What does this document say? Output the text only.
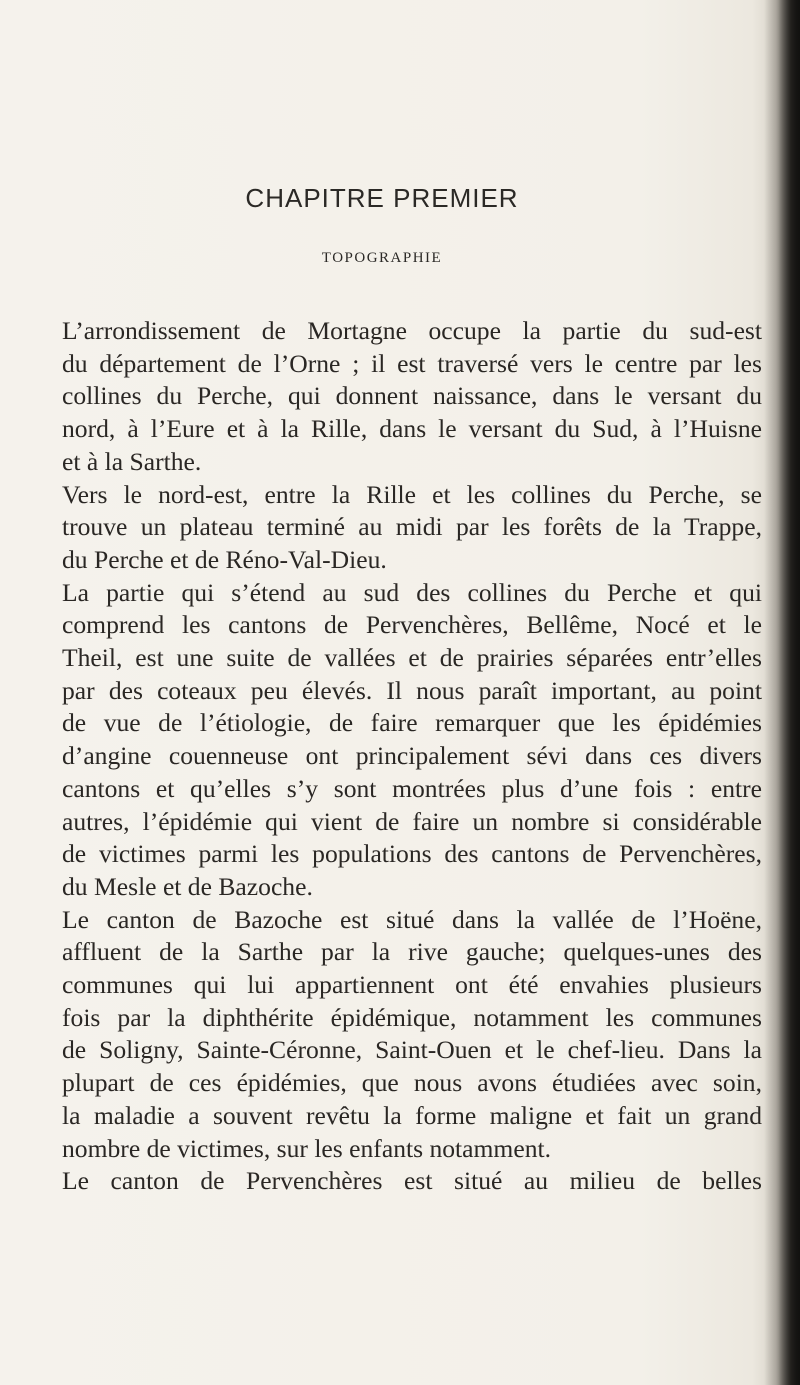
CHAPITRE PREMIER
TOPOGRAPHIE
L’arrondissement de Mortagne occupe la partie du sud-est
du département de l’Orne ; il est traversé vers le centre par les
collines du Perche, qui donnent naissance, dans le versant du
nord, à l’Eure et à la Rille, dans le versant du Sud, à l’Huisne
et à la Sarthe.
Vers le nord-est, entre la Rille et les collines du Perche, se
trouve un plateau terminé au midi par les forêts de la Trappe,
du Perche et de Réno-Val-Dieu.
La partie qui s’étend au sud des collines du Perche et qui
comprend les cantons de Pervenchères, Bellême, Nocé et le
Theil, est une suite de vallées et de prairies séparées entr’elles
par des coteaux peu élevés. Il nous paraît important, au point
de vue de l’étiologie, de faire remarquer que les épidémies
d’angine couenneuse ont principalement sévi dans ces divers
cantons et qu’elles s’y sont montrées plus d’une fois : entre
autres, l’épidémie qui vient de faire un nombre si considérable
de victimes parmi les populations des cantons de Pervenchères,
du Mesle et de Bazoche.
Le canton de Bazoche est situé dans la vallée de l’Hoëne,
affluent de la Sarthe par la rive gauche; quelques-unes des
communes qui lui appartiennent ont été envahies plusieurs
fois par la diphthérite épidémique, notamment les communes
de Soligny, Sainte-Céronne, Saint-Ouen et le chef-lieu. Dans la
plupart de ces épidémies, que nous avons étudiées avec soin,
la maladie a souvent revêtu la forme maligne et fait un grand
nombre de victimes, sur les enfants notamment.
Le canton de Pervenchères est situé au milieu de belles
